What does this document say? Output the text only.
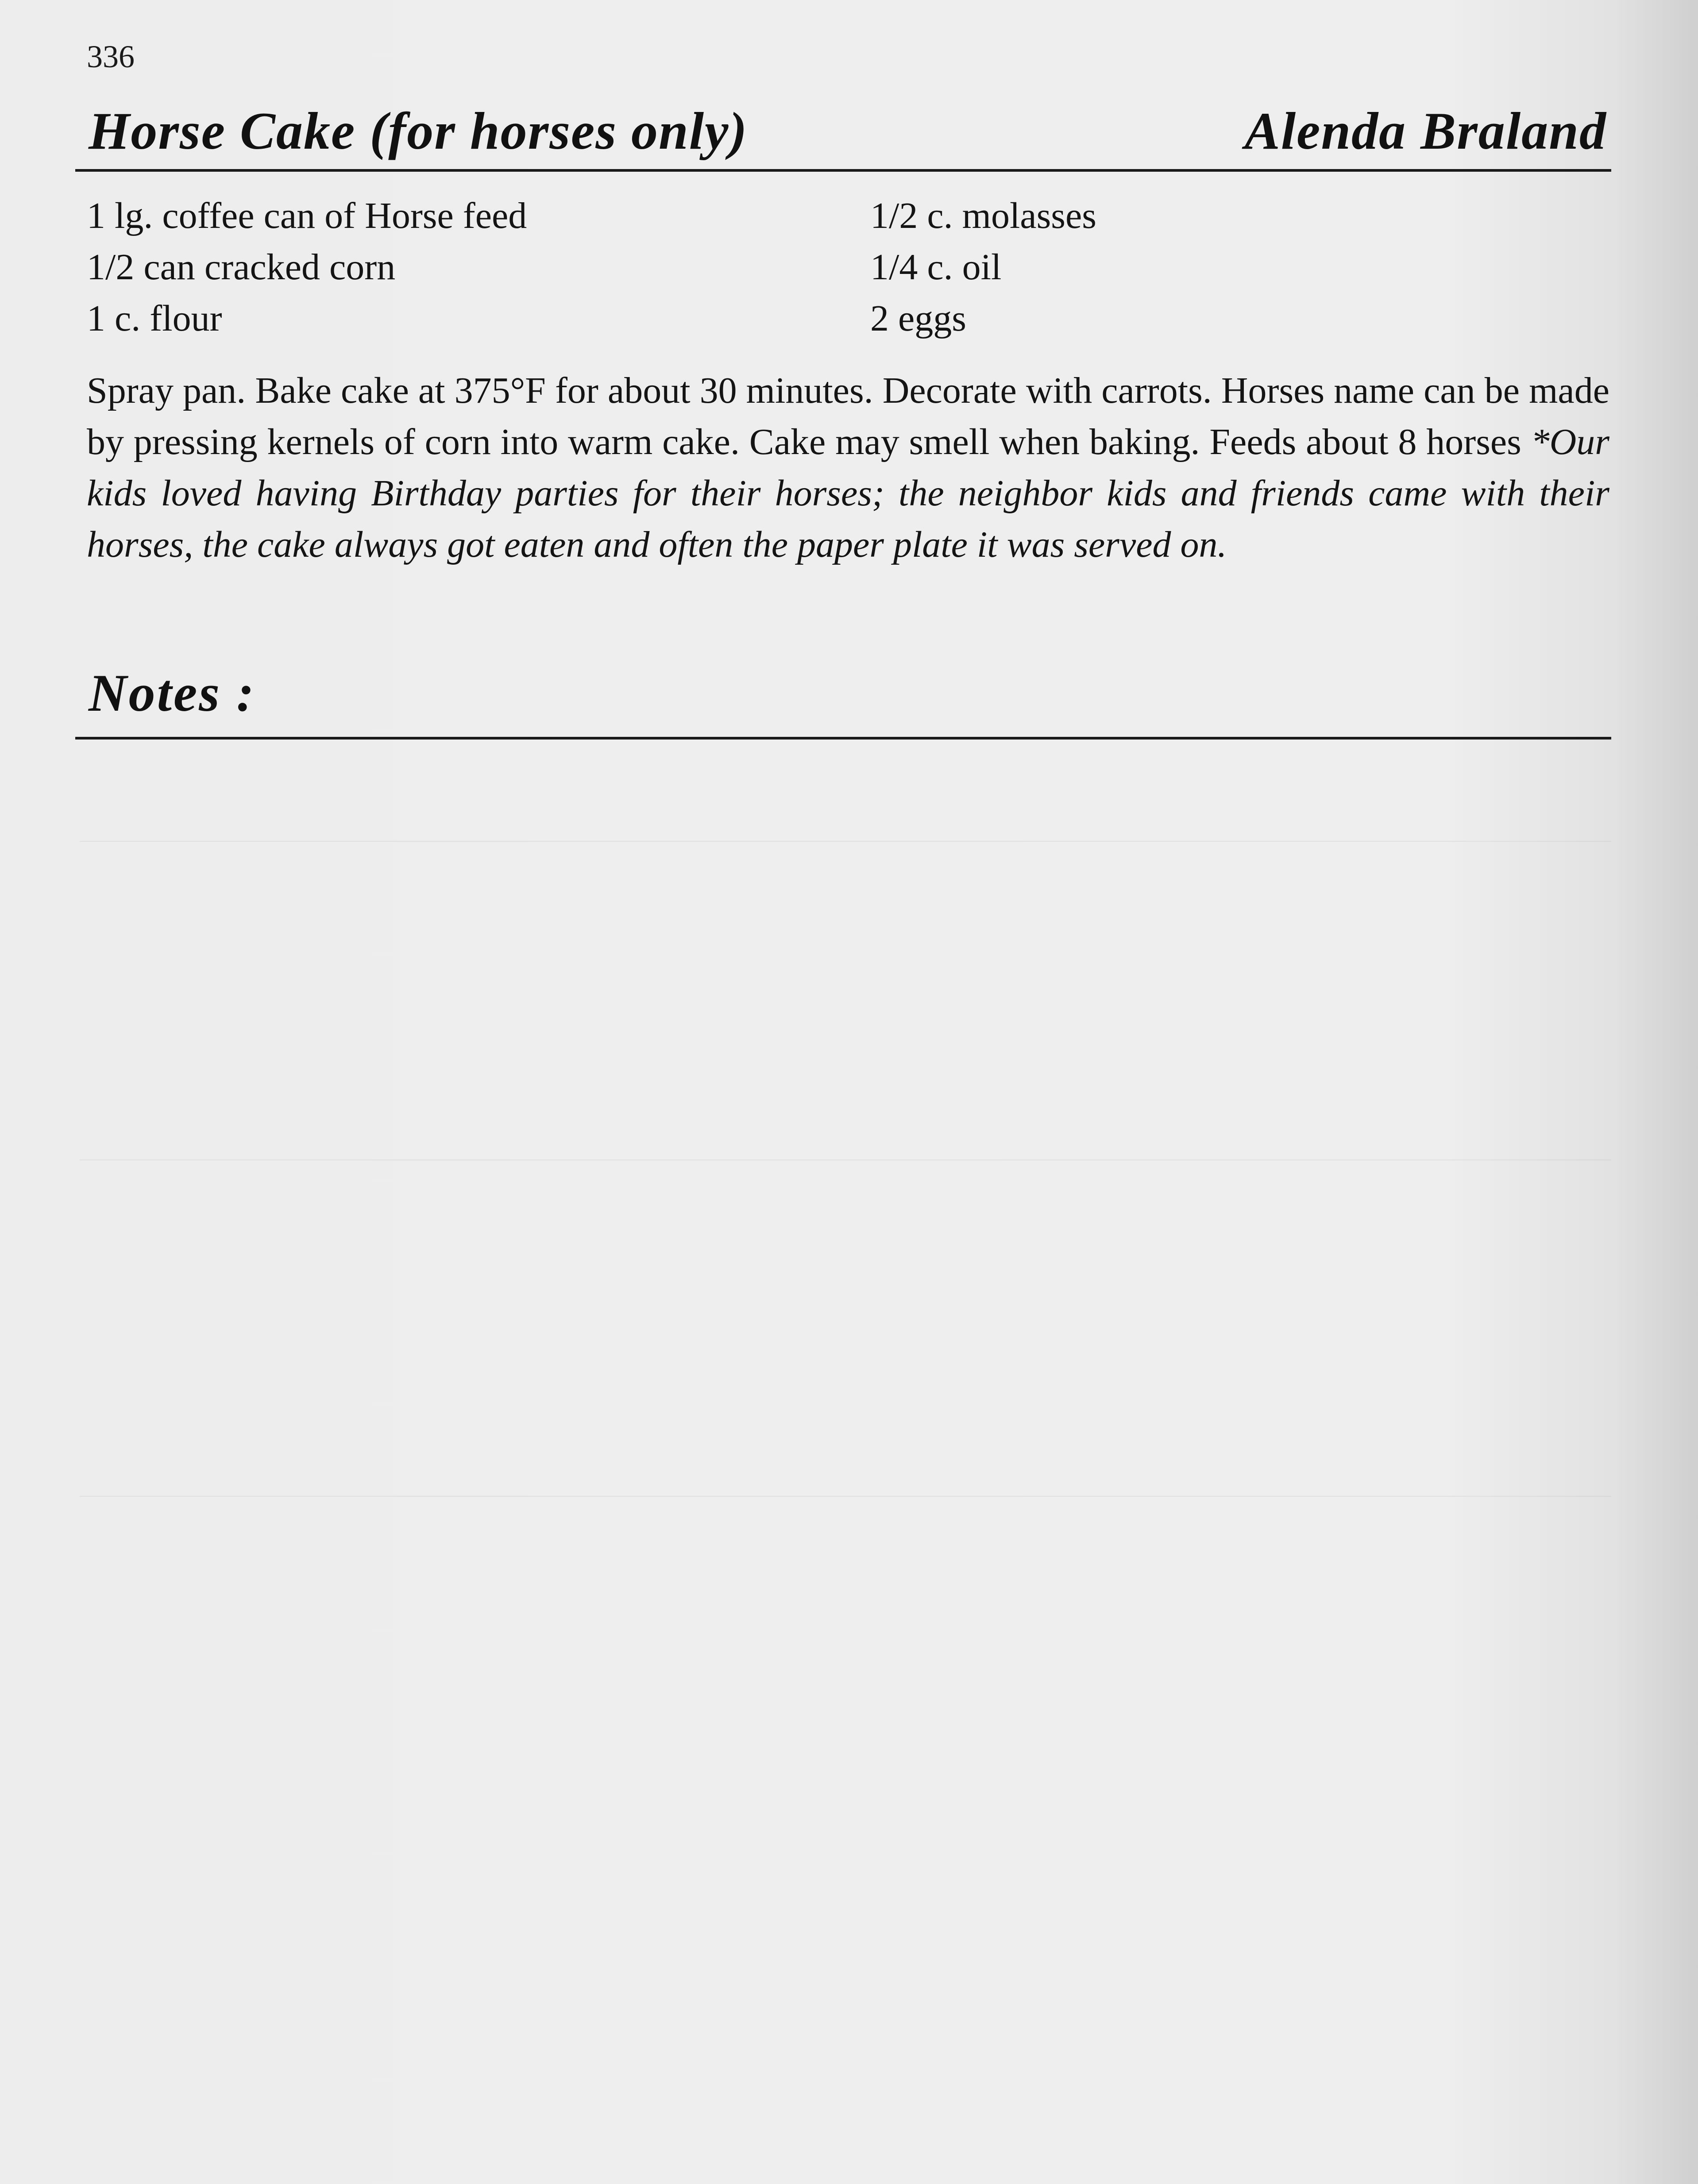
336
Horse Cake (for horses only)	Alenda Braland
1 lg. coffee can of Horse feed
1/2 can cracked corn
1 c. flour
1/2 c. molasses
1/4 c. oil
2 eggs
Spray pan. Bake cake at 375°F for about 30 minutes. Decorate with carrots. Horses name can be made by pressing kernels of corn into warm cake. Cake may smell when baking. Feeds about 8 horses *Our kids loved having Birthday parties for their horses; the neighbor kids and friends came with their horses, the cake always got eaten and often the paper plate it was served on.
Notes :
